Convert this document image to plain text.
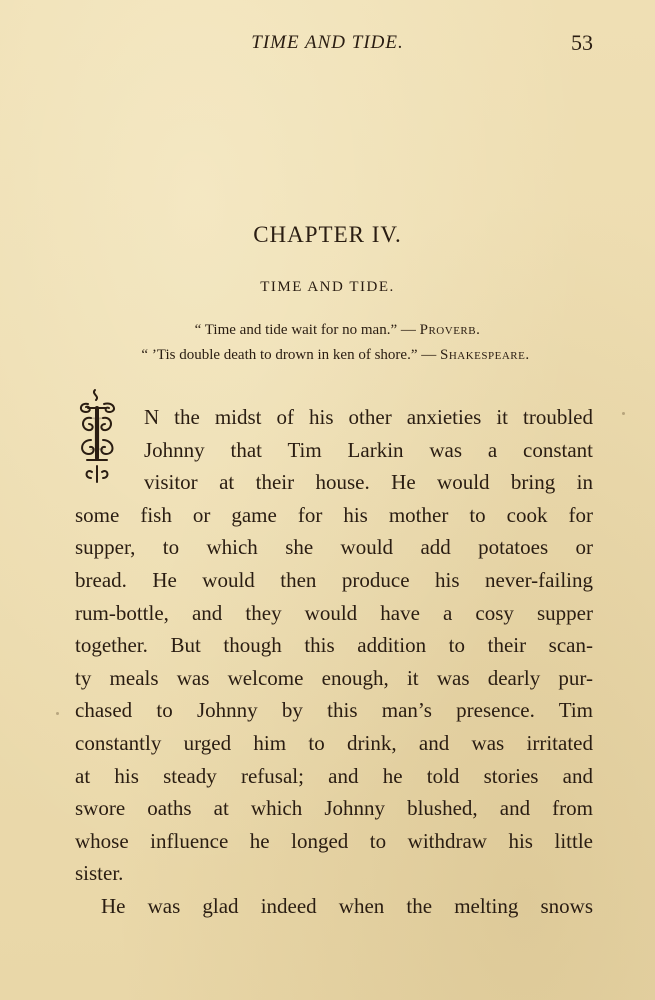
TIME AND TIDE.	53
CHAPTER IV.
TIME AND TIDE.
“ Time and tide wait for no man.” — Proverb.
“ ’Tis double death to drown in ken of shore.” — Shakespeare.
I	N the midst of his other anxieties it troubled
Johnny that Tim Larkin was a constant
visitor at their house. He would bring in
some fish or game for his mother to cook for
supper, to which she would add potatoes or
bread. He would then produce his never-failing
rum-bottle, and they would have a cosy supper
together. But though this addition to their scan-
ty meals was welcome enough, it was dearly pur-
chased to Johnny by this man’s presence. Tim
constantly urged him to drink, and was irritated
at his steady refusal; and he told stories and
swore oaths at which Johnny blushed, and from
whose influence he longed to withdraw his little
sister.
He was glad indeed when the melting snows
